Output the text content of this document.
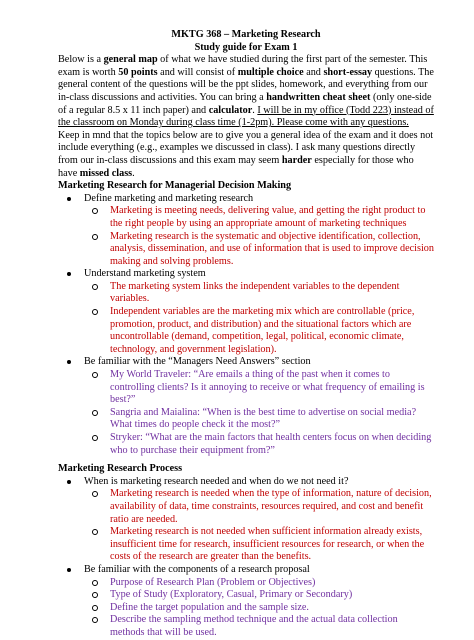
MKTG 368 – Marketing Research
Study guide for Exam 1

Below is a general map of what we have studied during the first part of the semester. This exam is worth 50 points and will consist of multiple choice and short-essay questions. The general content of the questions will be the ppt slides, homework, and everything from our in-class discussions and activities. You can bring a handwritten cheat sheet (only one-side of a regular 8.5 x 11 inch paper) and calculator. I will be in my office (Todd 223) instead of the classroom on Monday during class time (1-2pm). Please come with any questions.

Keep in mnd that the topics below are to give you a general idea of the exam and it does not include everything (e.g., examples we discussed in class). I ask many questions directly from our in-class discussions and this exam may seem harder especially for those who have missed class.

Marketing Research for Managerial Decision Making
Define marketing and marketing research
Marketing is meeting needs, delivering value, and getting the right product to the right people by using an appropriate amount of marketing techniques
Marketing research is the systematic and objective identification, collection, analysis, dissemination, and use of information that is used to improve decision making and solving problems.
Understand marketing system
The marketing system links the independent variables to the dependent variables.
Independent variables are the marketing mix which are controllable (price, promotion, product, and distribution) and the situational factors which are uncontrollable (demand, competition, legal, political, economic climate, technology, and government legislation).
Be familiar with the “Managers Need Answers” section
My World Traveler: “Are emails a thing of the past when it comes to controlling clients? Is it annoying to receive or what frequency of emailing is best?”
Sangria and Maialina: “When is the best time to advertise on social media? What times do people check it the most?”
Stryker: “What are the main factors that health centers focus on when deciding who to purchase their equipment from?”
Marketing Research Process
When is marketing research needed and when do we not need it?
Marketing research is needed when the type of information, nature of decision, availability of data, time constraints, resources required, and cost and benefit ratio are needed.
Marketing research is not needed when sufficient information already exists, insufficient time for research, insufficient resources for research, or when the costs of the research are greater than the benefits.
Be familiar with the components of a research proposal
Purpose of Research Plan (Problem or Objectives)
Type of Study (Exploratory, Casual, Primary or Secondary)
Define the target population and the sample size.
Describe the sampling method technique and the actual data collection methods that will be used.
